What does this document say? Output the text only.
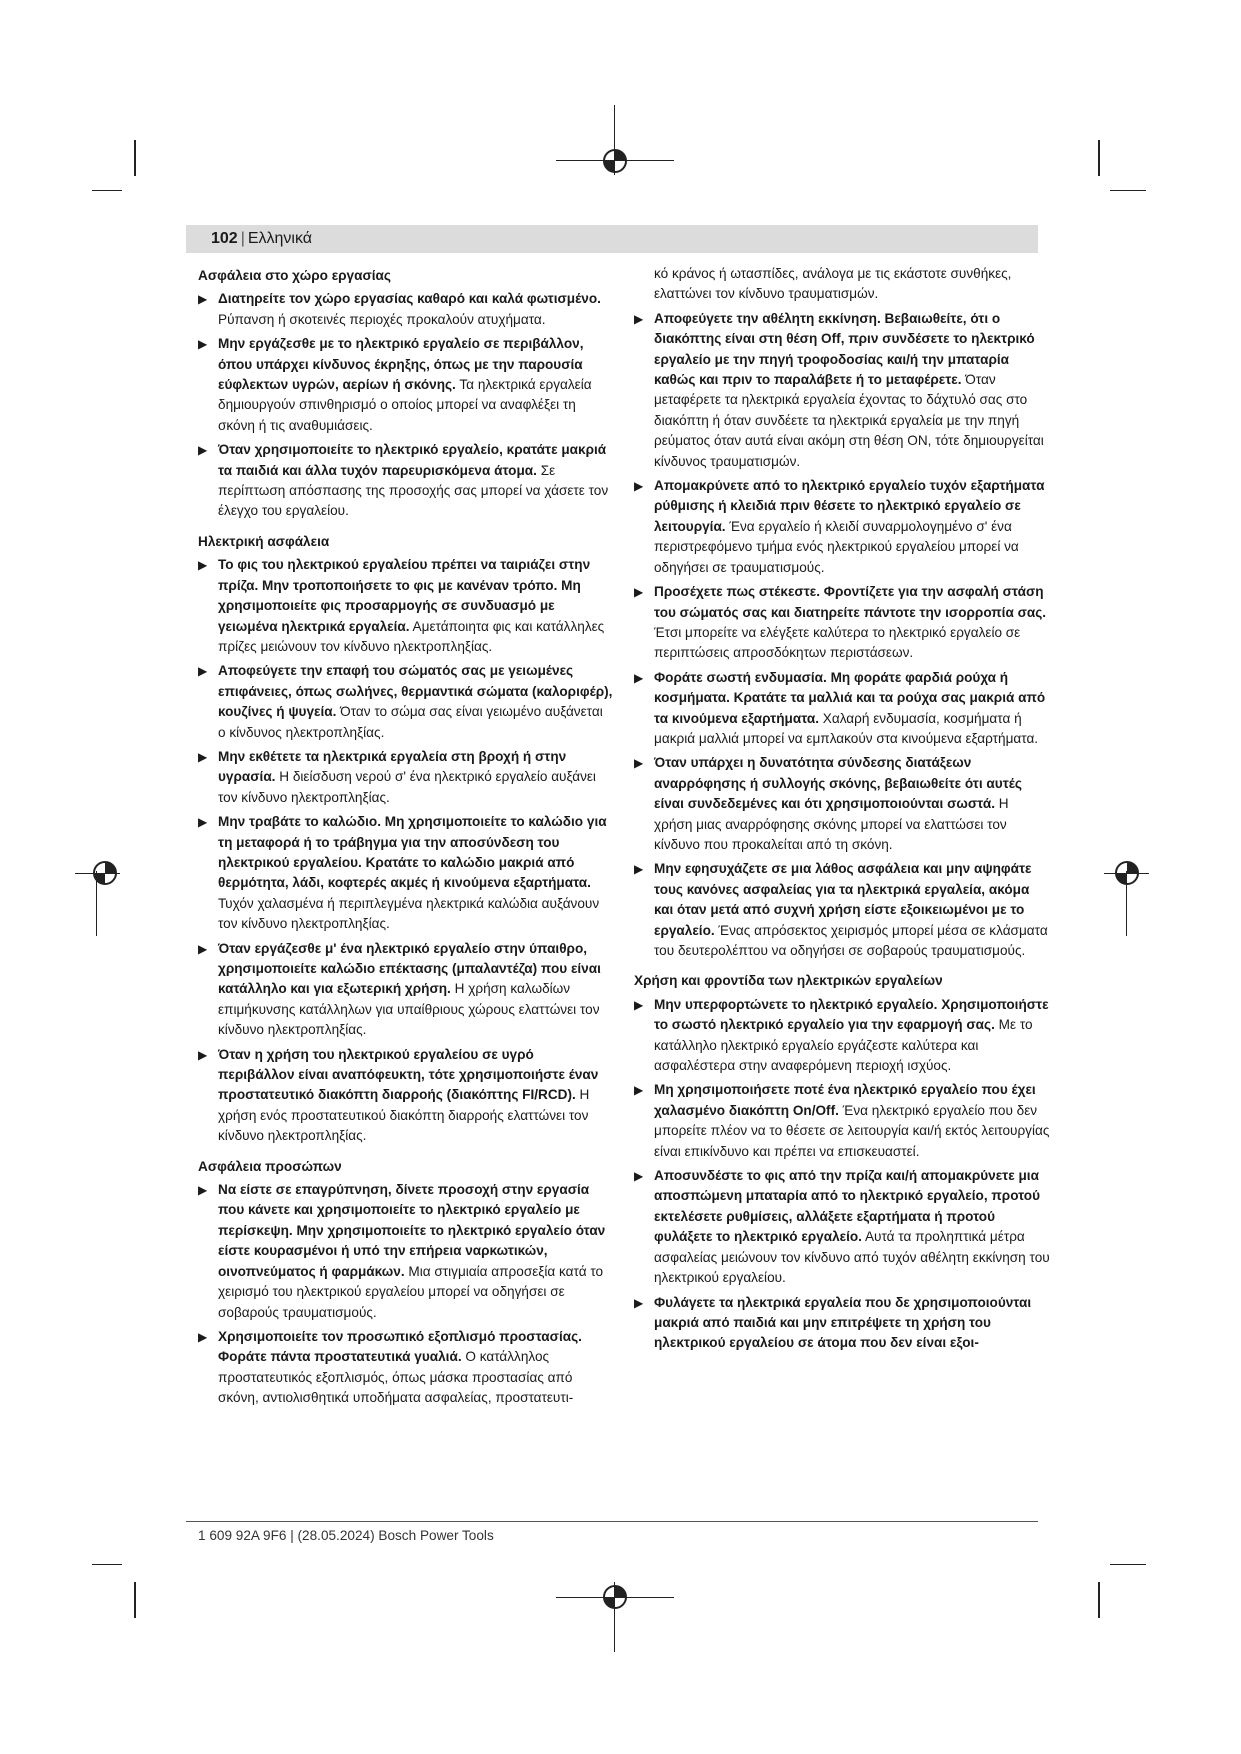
102 | Ελληνικά
Ασφάλεια στο χώρο εργασίας
▶ Διατηρείτε τον χώρο εργασίας καθαρό και καλά φωτισμένο. Ρύπανση ή σκοτεινές περιοχές προκαλούν ατυχήματα.
▶ Μην εργάζεσθε με το ηλεκτρικό εργαλείο σε περιβάλλον, όπου υπάρχει κίνδυνος έκρηξης, όπως με την παρουσία εύφλεκτων υγρών, αερίων ή σκόνης. Τα ηλεκτρικά εργαλεία δημιουργούν σπινθηρισμό ο οποίος μπορεί να αναφλέξει τη σκόνη ή τις αναθυμιάσεις.
▶ Όταν χρησιμοποιείτε το ηλεκτρικό εργαλείο, κρατάτε μακριά τα παιδιά και άλλα τυχόν παρευρισκόμενα άτομα. Σε περίπτωση απόσπασης της προσοχής σας μπορεί να χάσετε τον έλεγχο του εργαλείου.
Ηλεκτρική ασφάλεια
▶ Το φις του ηλεκτρικού εργαλείου πρέπει να ταιριάζει στην πρίζα. Μην τροποποιήσετε το φις με κανέναν τρόπο. Μη χρησιμοποιείτε φις προσαρμογής σε συνδυασμό με γειωμένα ηλεκτρικά εργαλεία. Αμετάποιητα φις και κατάλληλες πρίζες μειώνουν τον κίνδυνο ηλεκτροπληξίας.
▶ Αποφεύγετε την επαφή του σώματός σας με γειωμένες επιφάνειες, όπως σωλήνες, θερμαντικά σώματα (καλοριφέρ), κουζίνες ή ψυγεία. Όταν το σώμα σας είναι γειωμένο αυξάνεται ο κίνδυνος ηλεκτροπληξίας.
▶ Μην εκθέτετε τα ηλεκτρικά εργαλεία στη βροχή ή στην υγρασία. Η διείσδυση νερού σ' ένα ηλεκτρικό εργαλείο αυξάνει τον κίνδυνο ηλεκτροπληξίας.
▶ Μην τραβάτε το καλώδιο. Μη χρησιμοποιείτε το καλώδιο για τη μεταφορά ή το τράβηγμα για την αποσύνδεση του ηλεκτρικού εργαλείου. Κρατάτε το καλώδιο μακριά από θερμότητα, λάδι, κοφτερές ακμές ή κινούμενα εξαρτήματα. Τυχόν χαλασμένα ή περιπλεγμένα ηλεκτρικά καλώδια αυξάνουν τον κίνδυνο ηλεκτροπληξίας.
▶ Όταν εργάζεσθε μ' ένα ηλεκτρικό εργαλείο στην ύπαιθρο, χρησιμοποιείτε καλώδιο επέκτασης (μπαλαντέζα) που είναι κατάλληλο και για εξωτερική χρήση. Η χρήση καλωδίων επιμήκυνσης κατάλληλων για υπαίθριους χώρους ελαττώνει τον κίνδυνο ηλεκτροπληξίας.
▶ Όταν η χρήση του ηλεκτρικού εργαλείου σε υγρό περιβάλλον είναι αναπόφευκτη, τότε χρησιμοποιήστε έναν προστατευτικό διακόπτη διαρροής (διακόπτης FI/RCD). Η χρήση ενός προστατευτικού διακόπτη διαρροής ελαττώνει τον κίνδυνο ηλεκτροπληξίας.
Ασφάλεια προσώπων
▶ Να είστε σε επαγρύπνηση, δίνετε προσοχή στην εργασία που κάνετε και χρησιμοποιείτε το ηλεκτρικό εργαλείο με περίσκεψη. Μην χρησιμοποιείτε το ηλεκτρικό εργαλείο όταν είστε κουρασμένοι ή υπό την επήρεια ναρκωτικών, οινοπνεύματος ή φαρμάκων. Μια στιγμιαία απροσεξία κατά το χειρισμό του ηλεκτρικού εργαλείου μπορεί να οδηγήσει σε σοβαρούς τραυματισμούς.
▶ Χρησιμοποιείτε τον προσωπικό εξοπλισμό προστασίας. Φοράτε πάντα προστατευτικά γυαλιά. Ο κατάλληλος προστατευτικός εξοπλισμός, όπως μάσκα προστασίας από σκόνη, αντιολισθητικά υποδήματα ασφαλείας, προστατευτι-
κό κράνος ή ωτασπίδες, ανάλογα με τις εκάστοτε συνθήκες, ελαττώνει τον κίνδυνο τραυματισμών.
▶ Αποφεύγετε την αθέλητη εκκίνηση. Βεβαιωθείτε, ότι ο διακόπτης είναι στη θέση Off, πριν συνδέσετε το ηλεκτρικό εργαλείο με την πηγή τροφοδοσίας και/ή την μπαταρία καθώς και πριν το παραλάβετε ή το μεταφέρετε. Όταν μεταφέρετε τα ηλεκτρικά εργαλεία έχοντας το δάχτυλό σας στο διακόπτη ή όταν συνδέετε τα ηλεκτρικά εργαλεία με την πηγή ρεύματος όταν αυτά είναι ακόμη στη θέση ON, τότε δημιουργείται κίνδυνος τραυματισμών.
▶ Απομακρύνετε από το ηλεκτρικό εργαλείο τυχόν εξαρτήματα ρύθμισης ή κλειδιά πριν θέσετε το ηλεκτρικό εργαλείο σε λειτουργία. Ένα εργαλείο ή κλειδί συναρμολογημένο σ' ένα περιστρεφόμενο τμήμα ενός ηλεκτρικού εργαλείου μπορεί να οδηγήσει σε τραυματισμούς.
▶ Προσέχετε πως στέκεστε. Φροντίζετε για την ασφαλή στάση του σώματός σας και διατηρείτε πάντοτε την ισορροπία σας. Έτσι μπορείτε να ελέγξετε καλύτερα το ηλεκτρικό εργαλείο σε περιπτώσεις απροσδόκητων περιστάσεων.
▶ Φοράτε σωστή ενδυμασία. Μη φοράτε φαρδιά ρούχα ή κοσμήματα. Κρατάτε τα μαλλιά και τα ρούχα σας μακριά από τα κινούμενα εξαρτήματα. Χαλαρή ενδυμασία, κοσμήματα ή μακριά μαλλιά μπορεί να εμπλακούν στα κινούμενα εξαρτήματα.
▶ Όταν υπάρχει η δυνατότητα σύνδεσης διατάξεων αναρρόφησης ή συλλογής σκόνης, βεβαιωθείτε ότι αυτές είναι συνδεδεμένες και ότι χρησιμοποιούνται σωστά. Η χρήση μιας αναρρόφησης σκόνης μπορεί να ελαττώσει τον κίνδυνο που προκαλείται από τη σκόνη.
▶ Μην εφησυχάζετε σε μια λάθος ασφάλεια και μην αψηφάτε τους κανόνες ασφαλείας για τα ηλεκτρικά εργαλεία, ακόμα και όταν μετά από συχνή χρήση είστε εξοικειωμένοι με το εργαλείο. Ένας απρόσεκτος χειρισμός μπορεί μέσα σε κλάσματα του δευτερολέπτου να οδηγήσει σε σοβαρούς τραυματισμούς.
Χρήση και φροντίδα των ηλεκτρικών εργαλείων
▶ Μην υπερφορτώνετε το ηλεκτρικό εργαλείο. Χρησιμοποιήστε το σωστό ηλεκτρικό εργαλείο για την εφαρμογή σας. Με το κατάλληλο ηλεκτρικό εργαλείο εργάζεστε καλύτερα και ασφαλέστερα στην αναφερόμενη περιοχή ισχύος.
▶ Μη χρησιμοποιήσετε ποτέ ένα ηλεκτρικό εργαλείο που έχει χαλασμένο διακόπτη On/Off. Ένα ηλεκτρικό εργαλείο που δεν μπορείτε πλέον να το θέσετε σε λειτουργία και/ή εκτός λειτουργίας είναι επικίνδυνο και πρέπει να επισκευαστεί.
▶ Αποσυνδέστε το φις από την πρίζα και/ή απομακρύνετε μια αποσπώμενη μπαταρία από το ηλεκτρικό εργαλείο, προτού εκτελέσετε ρυθμίσεις, αλλάξετε εξαρτήματα ή προτού φυλάξετε το ηλεκτρικό εργαλείο. Αυτά τα προληπτικά μέτρα ασφαλείας μειώνουν τον κίνδυνο από τυχόν αθέλητη εκκίνηση του ηλεκτρικού εργαλείου.
▶ Φυλάγετε τα ηλεκτρικά εργαλεία που δε χρησιμοποιούνται μακριά από παιδιά και μην επιτρέψετε τη χρήση του ηλεκτρικού εργαλείου σε άτομα που δεν είναι εξοι-
1 609 92A 9F6 | (28.05.2024) Bosch Power Tools
